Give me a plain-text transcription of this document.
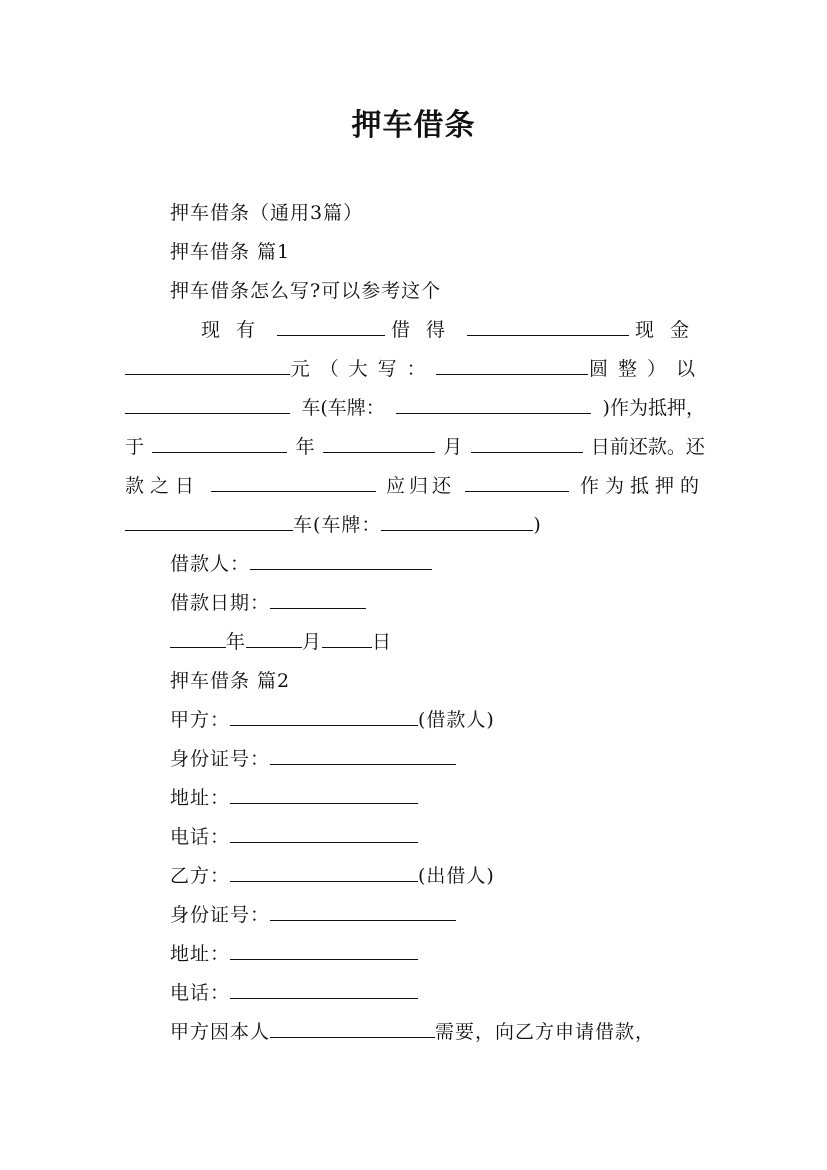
押车借条
押车借条（通用3篇）
押车借条 篇1
押车借条怎么写?可以参考这个
现有	借得	现金
元（大写：	圆整）以
车(车牌：	)作为抵押，
于	年	月	日前还款。还
款之日	应归还	作为抵押的
车(车牌：	)
借款人：
借款日期：
年	月	日
押车借条 篇2
甲方：	(借款人)
身份证号：
地址：
电话：
乙方：	(出借人)
身份证号：
地址：
电话：
甲方因本人	需要，向乙方申请借款，
